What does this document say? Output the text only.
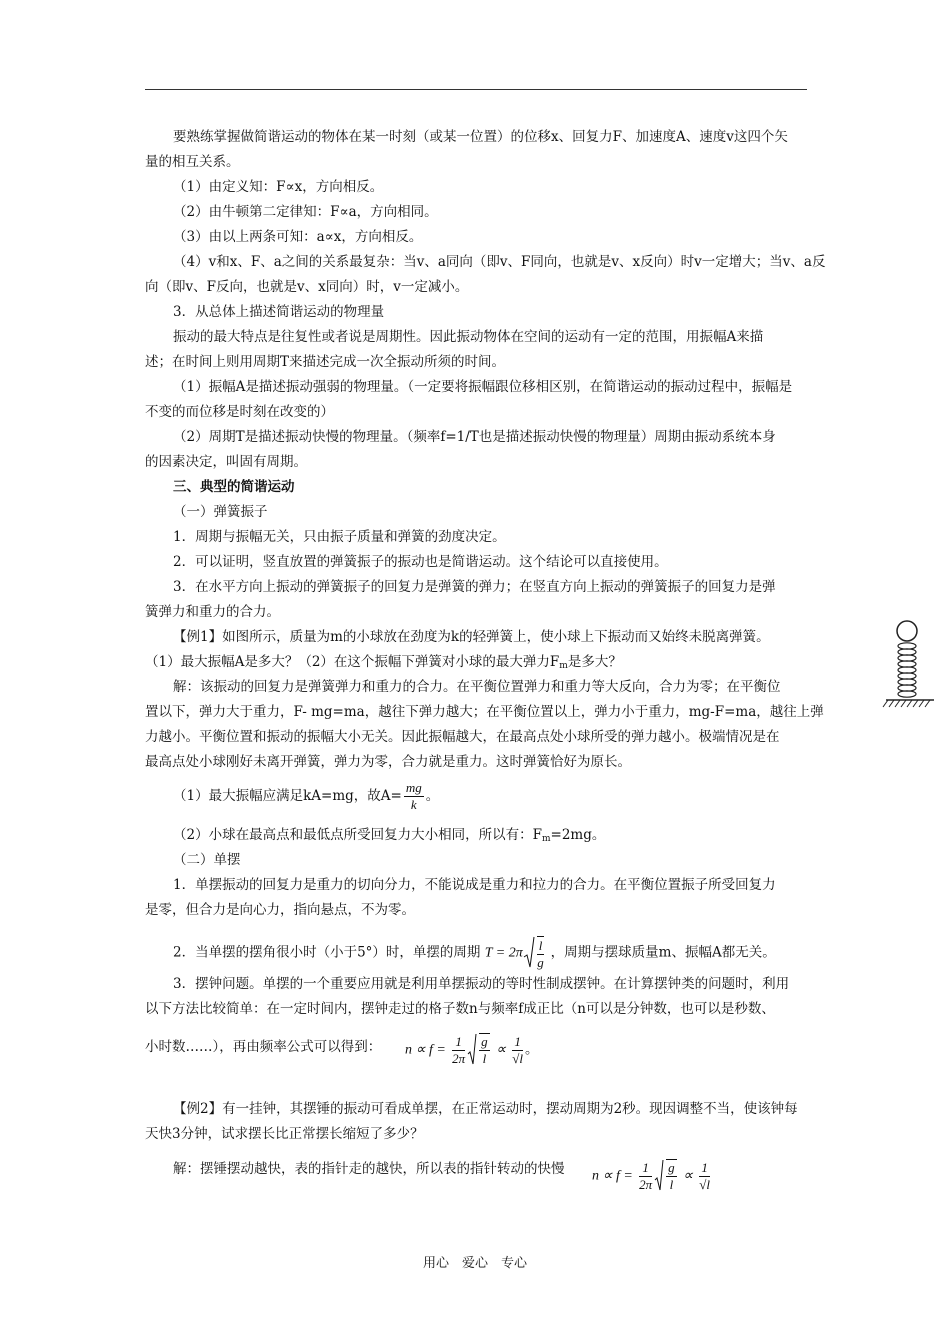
要熟练掌握做简谐运动的物体在某一时刻（或某一位置）的位移x、回复力F、加速度A、速度v这四个矢
量的相互关系。
（1）由定义知：F∝x，方向相反。
（2）由牛顿第二定律知：F∝a，方向相同。
（3）由以上两条可知：a∝x，方向相反。
（4）v和x、F、a之间的关系最复杂：当v、a同向（即v、F同向，也就是v、x反向）时v一定增大；当v、a反
向（即v、F反向，也就是v、x同向）时，v一定减小。
3．从总体上描述简谐运动的物理量
振动的最大特点是往复性或者说是周期性。因此振动物体在空间的运动有一定的范围，用振幅A来描
述；在时间上则用周期T来描述完成一次全振动所须的时间。
（1）振幅A是描述振动强弱的物理量。（一定要将振幅跟位移相区别，在简谐运动的振动过程中，振幅是
不变的而位移是时刻在改变的）
（2）周期T是描述振动快慢的物理量。（频率f=1/T也是描述振动快慢的物理量）周期由振动系统本身
的因素决定，叫固有周期。
三、典型的简谐运动
（一）弹簧振子
1．周期与振幅无关，只由振子质量和弹簧的劲度决定。
2．可以证明，竖直放置的弹簧振子的振动也是简谐运动。这个结论可以直接使用。
3．在水平方向上振动的弹簧振子的回复力是弹簧的弹力；在竖直方向上振动的弹簧振子的回复力是弹
簧弹力和重力的合力。
【例1】如图所示，质量为m的小球放在劲度为k的轻弹簧上，使小球上下振动而又始终未脱离弹簧。
（1）最大振幅A是多大？（2）在这个振幅下弹簧对小球的最大弹力$F_m$是多大？
解：该振动的回复力是弹簧弹力和重力的合力。在平衡位置弹力和重力等大反向，合力为零；在平衡位
置以下，弹力大于重力，F- mg=ma，越往下弹力越大；在平衡位置以上，弹力小于重力，mg-F=ma，越往上弹
力越小。平衡位置和振动的振幅大小无关。因此振幅越大，在最高点处小球所受的弹力越小。极端情况是在
最高点处小球刚好未离开弹簧，弹力为零，合力就是重力。这时弹簧恰好为原长。
（1）最大振幅应满足kA=mg，故$A= \frac{mg}{k}$ 。
（2）小球在最高点和最低点所受回复力大小相同，所以有：$F_m=2mg$。
（二）单摆
1．单摆振动的回复力是重力的切向分力，不能说成是重力和拉力的合力。在平衡位置振子所受回复力
是零，但合力是向心力，指向悬点，不为零。
2．当单摆的摆角很小时（小于5°）时，单摆的周期 $T = 2\pi \frac{l}{g}$ ，周期与摆球质量m、振幅A都无关。
3．摆钟问题。单摆的一个重要应用就是利用单摆振动的等时性制成摆钟。在计算摆钟类的问题时，利用
以下方法比较简单：在一定时间内，摆钟走过的格子数n与频率f成正比（n可以是分钟数，也可以是秒数、
小时数……），再由频率公式可以得到： $n \propto f = \frac{1}{2\pi} \frac{g}{l} \propto \frac{1}{√l}$ 。
【例2】有一挂钟，其摆锤的振动可看成单摆，在正常运动时，摆动周期为2秒。现因调整不当，使该钟每
天快3分钟，试求摆长比正常摆长缩短了多少？
解：摆锤摆动越快，表的指针走的越快，所以表的指针转动的快慢 $n \propto f = \frac{1}{2\pi} \frac{g}{l} \propto \frac{1}{√l}$
用心　爱心　专心
